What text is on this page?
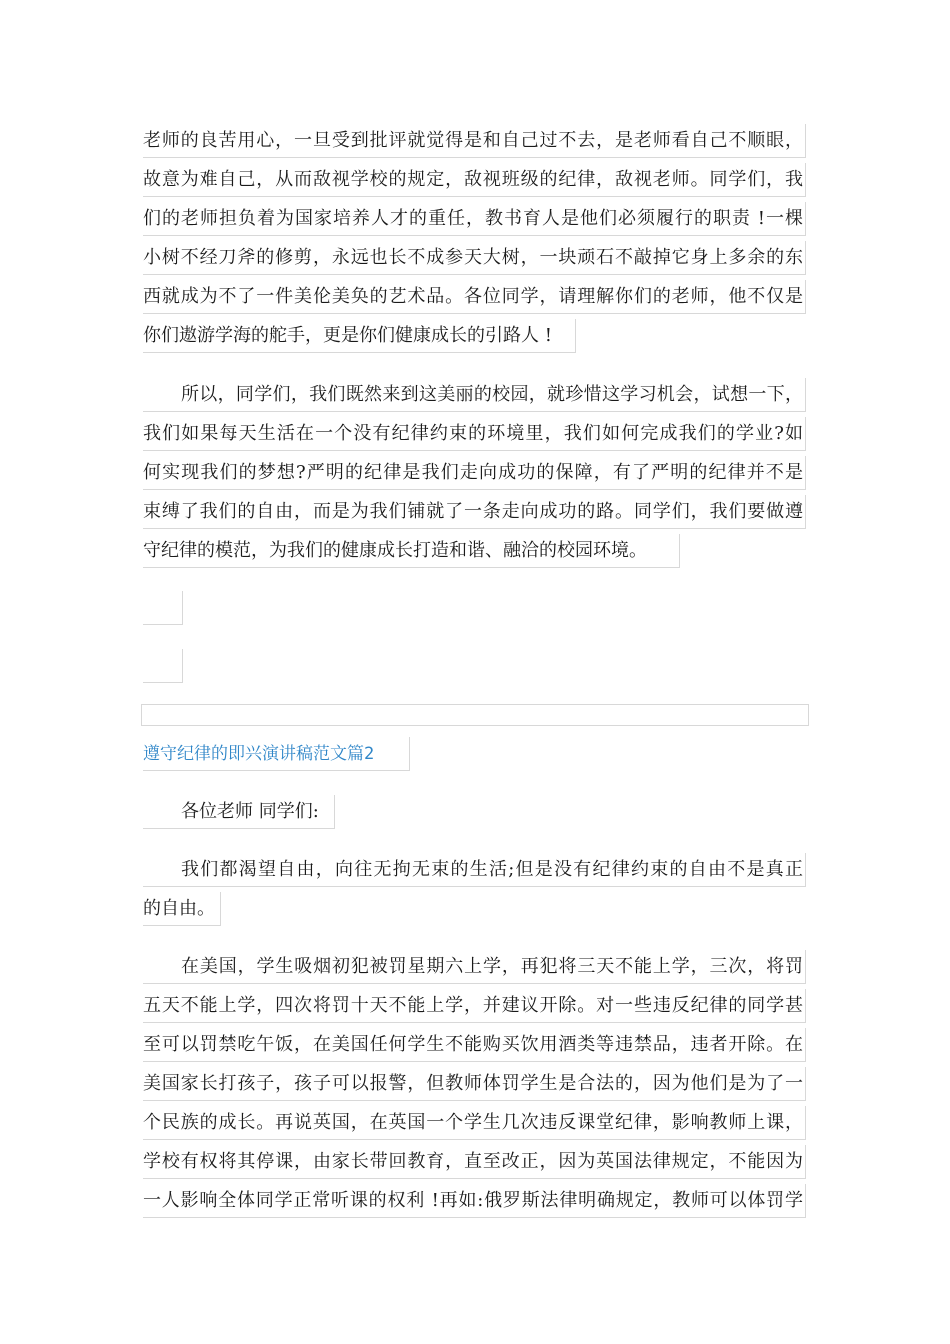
老师的良苦用心，一旦受到批评就觉得是和自己过不去，是老师看自己不顺眼，
故意为难自己，从而敌视学校的规定，敌视班级的纪律，敌视老师。同学们，我
们的老师担负着为国家培养人才的重任，教书育人是他们必须履行的职责 !一棵
小树不经刀斧的修剪，永远也长不成参天大树，一块顽石不敲掉它身上多余的东
西就成为不了一件美伦美奂的艺术品。各位同学，请理解你们的老师，他不仅是
你们遨游学海的舵手，更是你们健康成长的引路人 !
所以，同学们，我们既然来到这美丽的校园，就珍惜这学习机会，试想一下，
我们如果每天生活在一个没有纪律约束的环境里，我们如何完成我们的学业?如
何实现我们的梦想?严明的纪律是我们走向成功的保障，有了严明的纪律并不是
束缚了我们的自由，而是为我们铺就了一条走向成功的路。同学们，我们要做遵
守纪律的模范，为我们的健康成长打造和谐、融洽的校园环境。
遵守纪律的即兴演讲稿范文篇2
各位老师 同学们:
我们都渴望自由，向往无拘无束的生活;但是没有纪律约束的自由不是真正
的自由。
在美国，学生吸烟初犯被罚星期六上学，再犯将三天不能上学，三次，将罚
五天不能上学，四次将罚十天不能上学，并建议开除。对一些违反纪律的同学甚
至可以罚禁吃午饭，在美国任何学生不能购买饮用酒类等违禁品，违者开除。在
美国家长打孩子，孩子可以报警，但教师体罚学生是合法的，因为他们是为了一
个民族的成长。再说英国，在英国一个学生几次违反课堂纪律，影响教师上课，
学校有权将其停课，由家长带回教育，直至改正，因为英国法律规定，不能因为
一人影响全体同学正常听课的权利 !再如:俄罗斯法律明确规定，教师可以体罚学
